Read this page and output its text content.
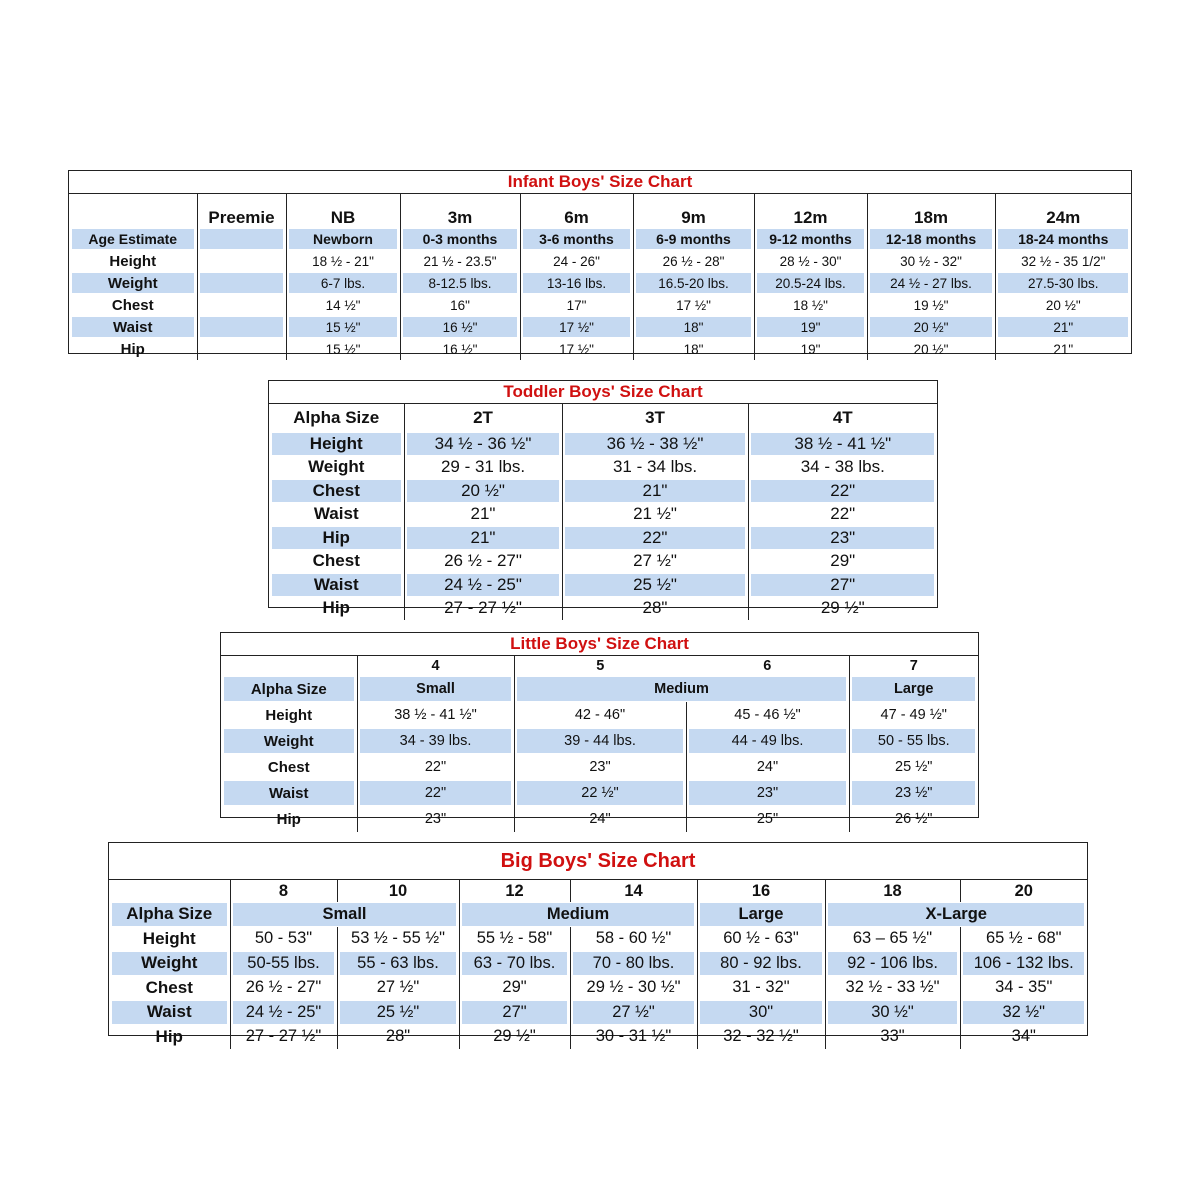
Infant Boys' Size Chart
	Preemie	NB	3m	6m	9m	12m	18m	24m
Age Estimate		Newborn	0-3 months	3-6 months	6-9 months	9-12 months	12-18 months	18-24 months
Height		18 ½ - 21"	21 ½ - 23.5"	24 - 26"	26 ½ - 28"	28 ½ - 30"	30 ½ - 32"	32 ½ - 35 1/2"
Weight		6-7 lbs.	8-12.5 lbs.	13-16 lbs.	16.5-20 lbs.	20.5-24 lbs.	24 ½ - 27 lbs.	27.5-30 lbs.
Chest		14 ½"	16"	17"	17 ½"	18 ½"	19 ½"	20 ½"
Waist		15 ½"	16 ½"	17 ½"	18"	19"	20 ½"	21"
Hip		15 ½"	16 ½"	17 ½"	18"	19"	20 ½"	21"
Toddler Boys' Size Chart
Alpha Size	2T	3T	4T
Height	34 ½ - 36 ½"	36 ½ - 38 ½"	38 ½ - 41 ½"
Weight	29 - 31 lbs.	31 - 34 lbs.	34 - 38 lbs.
Chest	20 ½"	21"	22"
Waist	21"	21 ½"	22"
Hip	21"	22"	23"
Chest	26 ½ - 27"	27 ½"	29"
Waist	24 ½ - 25"	25 ½"	27"
Hip	27 - 27 ½"	28"	29 ½"
Little Boys' Size Chart
	4	5	6	7
Alpha Size	Small	Medium		Large
Height	38 ½ - 41 ½"	42 - 46"	45 - 46 ½"	47 - 49 ½"
Weight	34 - 39 lbs.	39 - 44 lbs.	44 - 49 lbs.	50 - 55 lbs.
Chest	22"	23"	24"	25 ½"
Waist	22"	22 ½"	23"	23 ½"
Hip	23"	24"	25"	26 ½"
Big Boys' Size Chart
	8	10	12	14	16	18	20
Alpha Size	Small		Medium		Large	X-Large	
Height	50 - 53"	53 ½ - 55 ½"	55 ½ - 58"	58 - 60 ½"	60 ½ - 63"	63 – 65 ½"	65 ½ - 68"
Weight	50-55 lbs.	55 - 63 lbs.	63 - 70 lbs.	70 - 80 lbs.	80 - 92 lbs.	92 - 106 lbs.	106 - 132 lbs.
Chest	26 ½ - 27"	27 ½"	29"	29 ½ - 30 ½"	31 - 32"	32 ½ - 33 ½"	34 - 35"
Waist	24 ½ - 25"	25 ½"	27"	27 ½"	30"	30 ½"	32 ½"
Hip	27 - 27 ½"	28"	29 ½"	30 - 31 ½"	32 - 32 ½"	33"	34"
